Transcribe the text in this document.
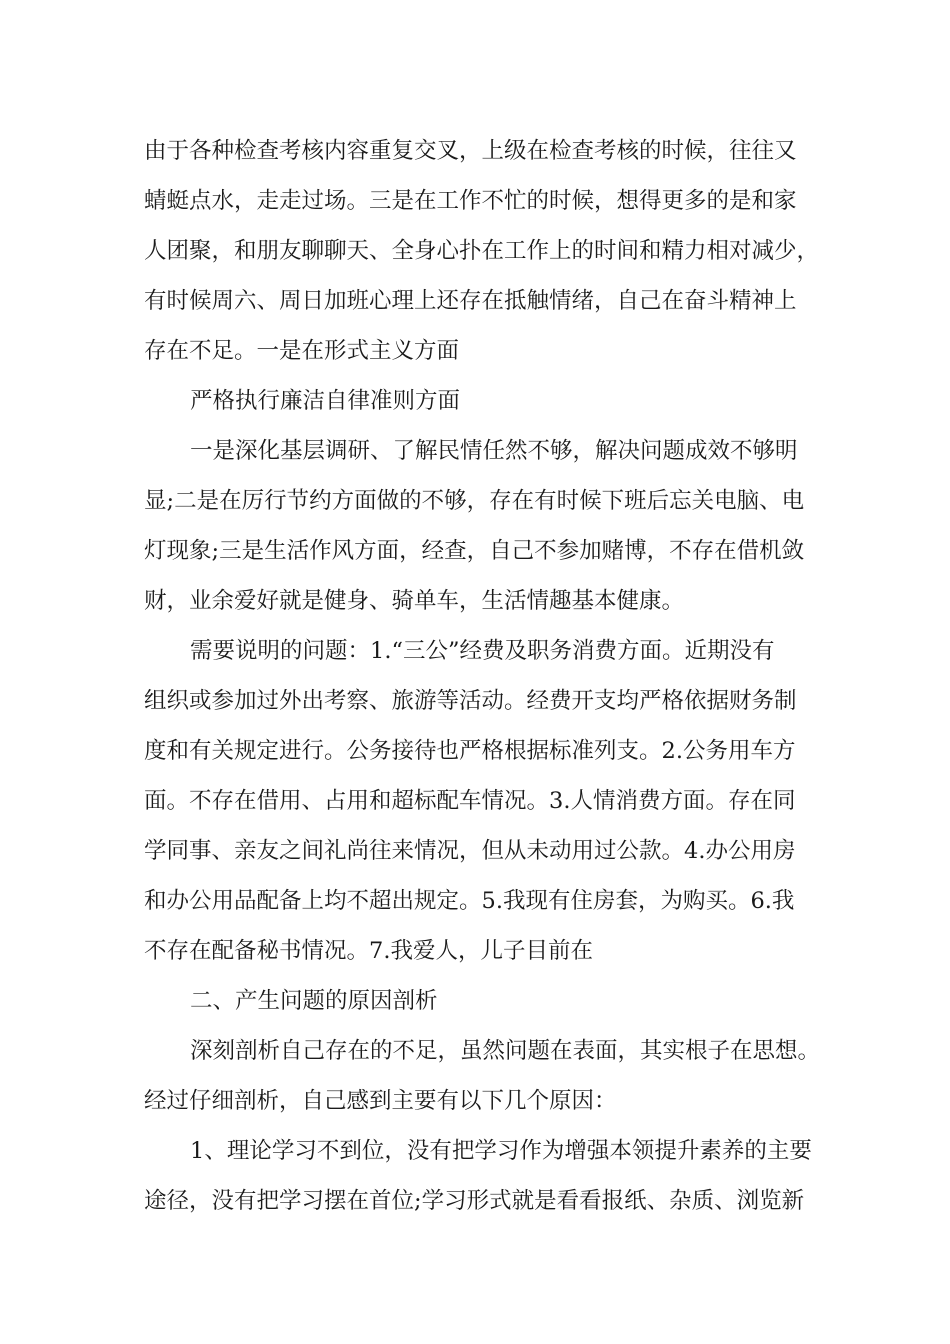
由于各种检查考核内容重复交叉，上级在检查考核的时候，往往又
蜻蜓点水，走走过场。三是在工作不忙的时候，想得更多的是和家
人团聚，和朋友聊聊天、全身心扑在工作上的时间和精力相对减少，
有时候周六、周日加班心理上还存在抵触情绪，自己在奋斗精神上
存在不足。一是在形式主义方面
严格执行廉洁自律准则方面
一是深化基层调研、了解民情任然不够，解决问题成效不够明
显;二是在厉行节约方面做的不够，存在有时候下班后忘关电脑、电
灯现象;三是生活作风方面，经查，自己不参加赌博，不存在借机敛
财，业余爱好就是健身、骑单车，生活情趣基本健康。
需要说明的问题：1.“三公”经费及职务消费方面。近期没有
组织或参加过外出考察、旅游等活动。经费开支均严格依据财务制
度和有关规定进行。公务接待也严格根据标准列支。2.公务用车方
面。不存在借用、占用和超标配车情况。3.人情消费方面。存在同
学同事、亲友之间礼尚往来情况，但从未动用过公款。4.办公用房
和办公用品配备上均不超出规定。5.我现有住房套，为购买。6.我
不存在配备秘书情况。7.我爱人，儿子目前在
二、产生问题的原因剖析
深刻剖析自己存在的不足，虽然问题在表面，其实根子在思想。
经过仔细剖析，自己感到主要有以下几个原因：
1、理论学习不到位，没有把学习作为增强本领提升素养的主要
途径，没有把学习摆在首位;学习形式就是看看报纸、杂质、浏览新
